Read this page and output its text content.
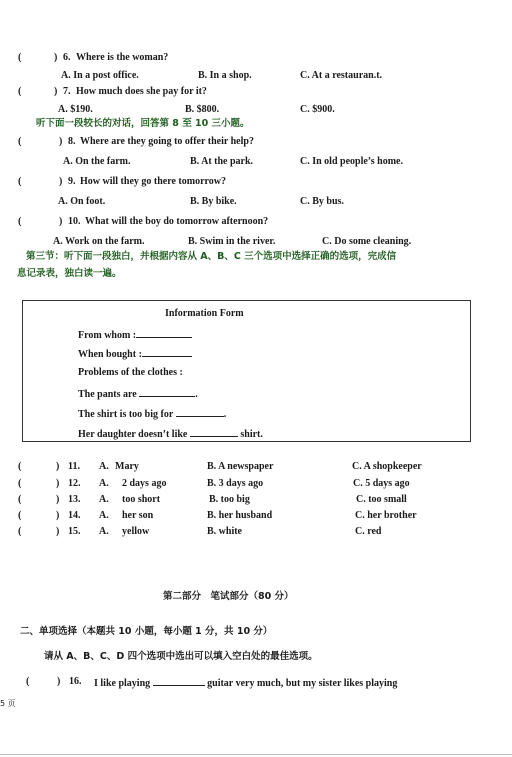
(	) 6. Where is the woman?
A. In a post office.	B. In a shop.	C. At a restauran.t.
(	) 7. How much does she pay for it?
A. $190.	B. $800.	C. $900.
听下面一段较长的对话，回答第 8 至 10 三小题。
(	) 8. Where are they going to offer their help?
A. On the farm.	B. At the park.	C. In old people’s home.
(	) 9. How will they go there tomorrow?
A. On foot.	B. By bike.	C. By bus.
(	) 10. What will the boy do tomorrow afternoon?
A. Work on the farm.	B. Swim in the river.	C. Do some cleaning.
第三节：听下面一段独白，并根据内容从 A、B、C 三个选项中选择正确的选项，完成信
息记录表，独白读一遍。
Information Form
From whom :
When bought :
Problems of the clothes :
The pants are	.
The shirt is too big for	.
Her daughter doesn’t like	shirt.
(	) 11. A. Mary	B. A newspaper	C. A shopkeeper
(	) 12. A. 2 days ago	B. 3 days ago	C. 5 days ago
(	) 13. A. too short	B. too big	C. too small
(	) 14. A. her son	B. her husband	C. her brother
(	) 15. A. yellow	B. white	C. red
第二部分　笔试部分（80 分）
二、单项选择（本题共 10 小题，每小题 1 分，共 10 分）
请从 A、B、C、D 四个选项中选出可以填入空白处的最佳选项。
(	) 16. I like playing	guitar very much, but my sister likes playing
5 页
